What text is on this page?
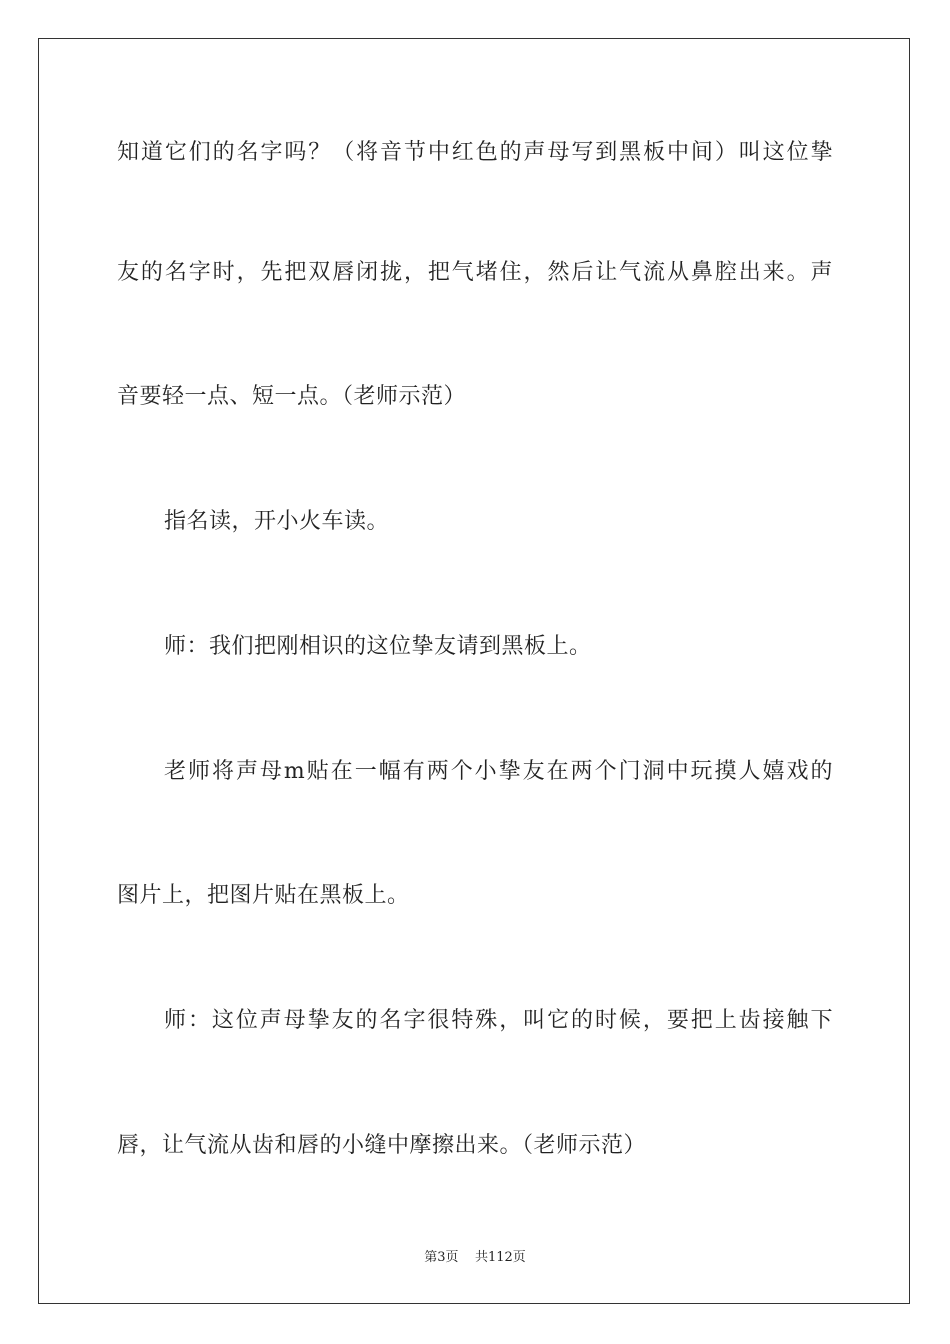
知道它们的名字吗？（将音节中红色的声母写到黑板中间）叫这位挚
友的名字时，先把双唇闭拢，把气堵住，然后让气流从鼻腔出来。声
音要轻一点、短一点。（老师示范）
指名读，开小火车读。
师：我们把刚相识的这位挚友请到黑板上。
老师将声母m贴在一幅有两个小挚友在两个门洞中玩摸人嬉戏的
图片上，把图片贴在黑板上。
师：这位声母挚友的名字很特殊，叫它的时候，要把上齿接触下
唇，让气流从齿和唇的小缝中摩擦出来。（老师示范）
第3页    共112页
